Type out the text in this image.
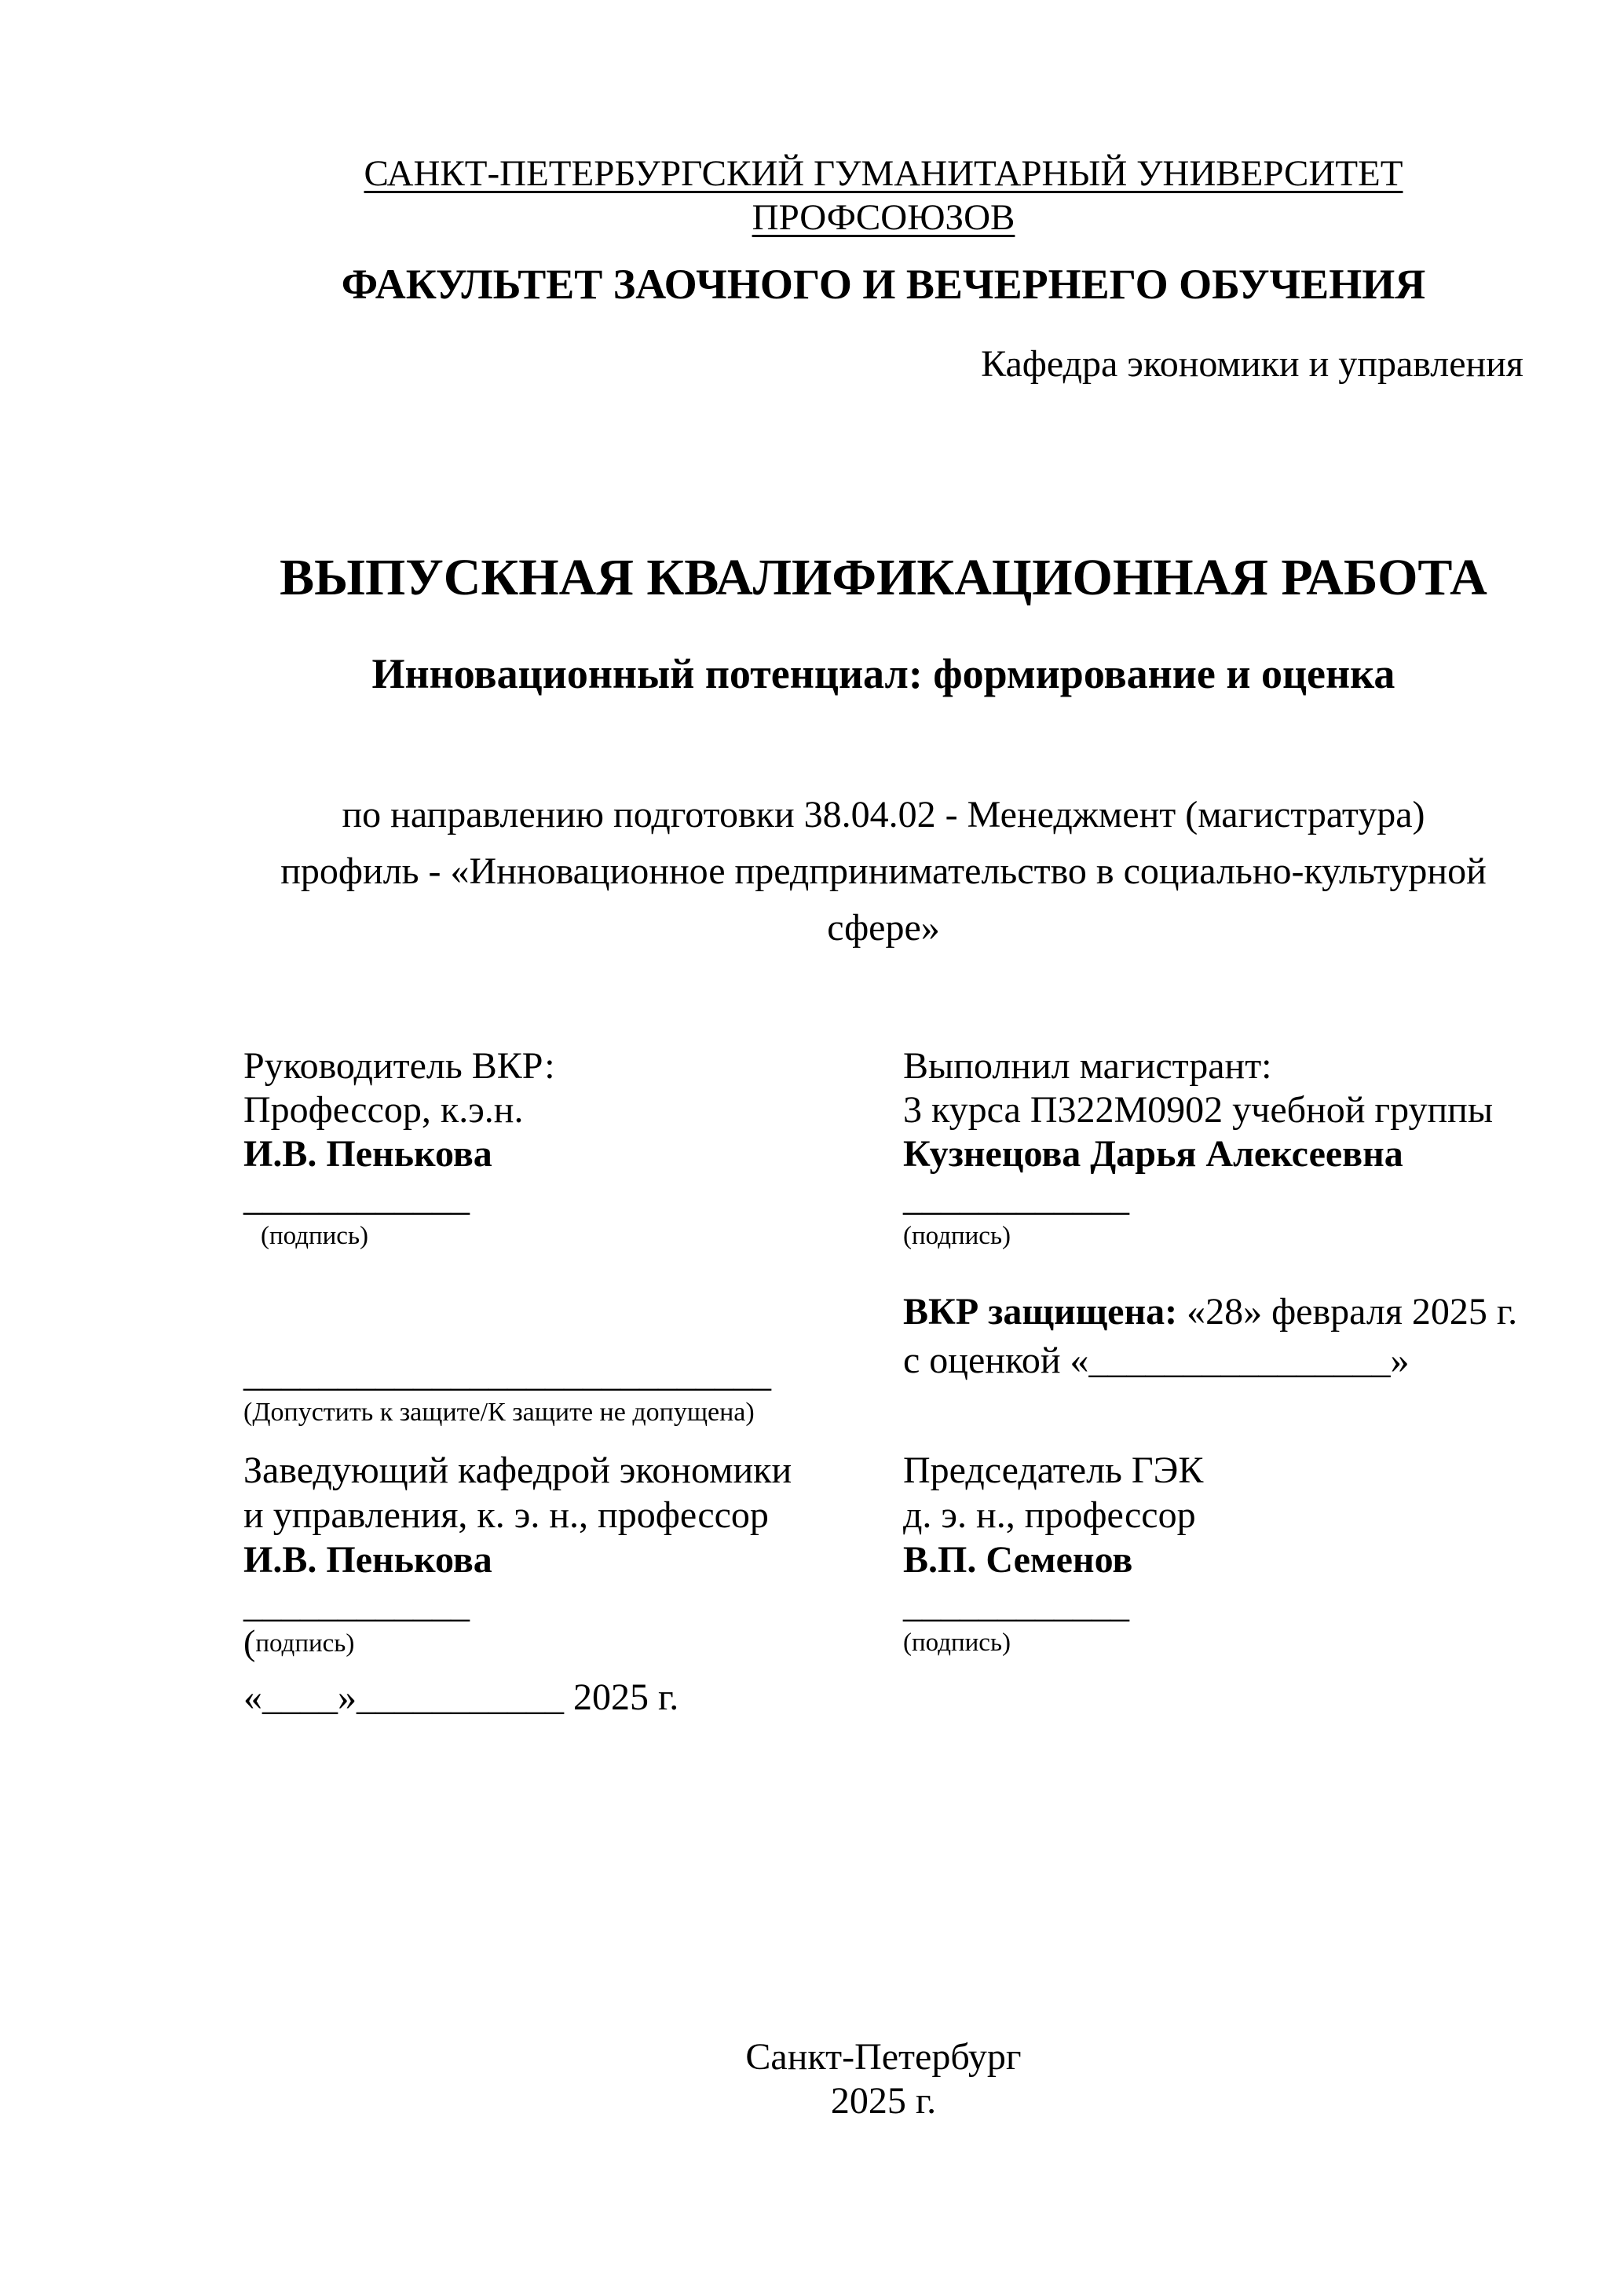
САНКТ-ПЕТЕРБУРГСКИЙ ГУМАНИТАРНЫЙ УНИВЕРСИТЕТ ПРОФСОЮЗОВ
ФАКУЛЬТЕТ ЗАОЧНОГО И ВЕЧЕРНЕГО ОБУЧЕНИЯ
Кафедра экономики и управления
ВЫПУСКНАЯ КВАЛИФИКАЦИОННАЯ РАБОТА
Инновационный потенциал: формирование и оценка
по направлению подготовки 38.04.02 - Менеджмент (магистратура)
профиль - «Инновационное предпринимательство в социально-культурной
сфере»
Руководитель ВКР:
Профессор, к.э.н.
И.В. Пенькова
____________
(подпись)
____________________________
(Допустить к защите/К защите не допущена)
Выполнил магистрант:
3 курса П322М0902 учебной группы
Кузнецова Дарья Алексеевна
____________
(подпись)
ВКР защищена: «28» февраля 2025 г.
с оценкой «________________»
Заведующий кафедрой экономики
и управления, к. э. н., профессор
И.В. Пенькова
____________
(подпись)
«____»___________ 2025 г.
Председатель ГЭК
д. э. н., профессор
В.П. Семенов
____________
(подпись)
Санкт-Петербург
2025 г.
